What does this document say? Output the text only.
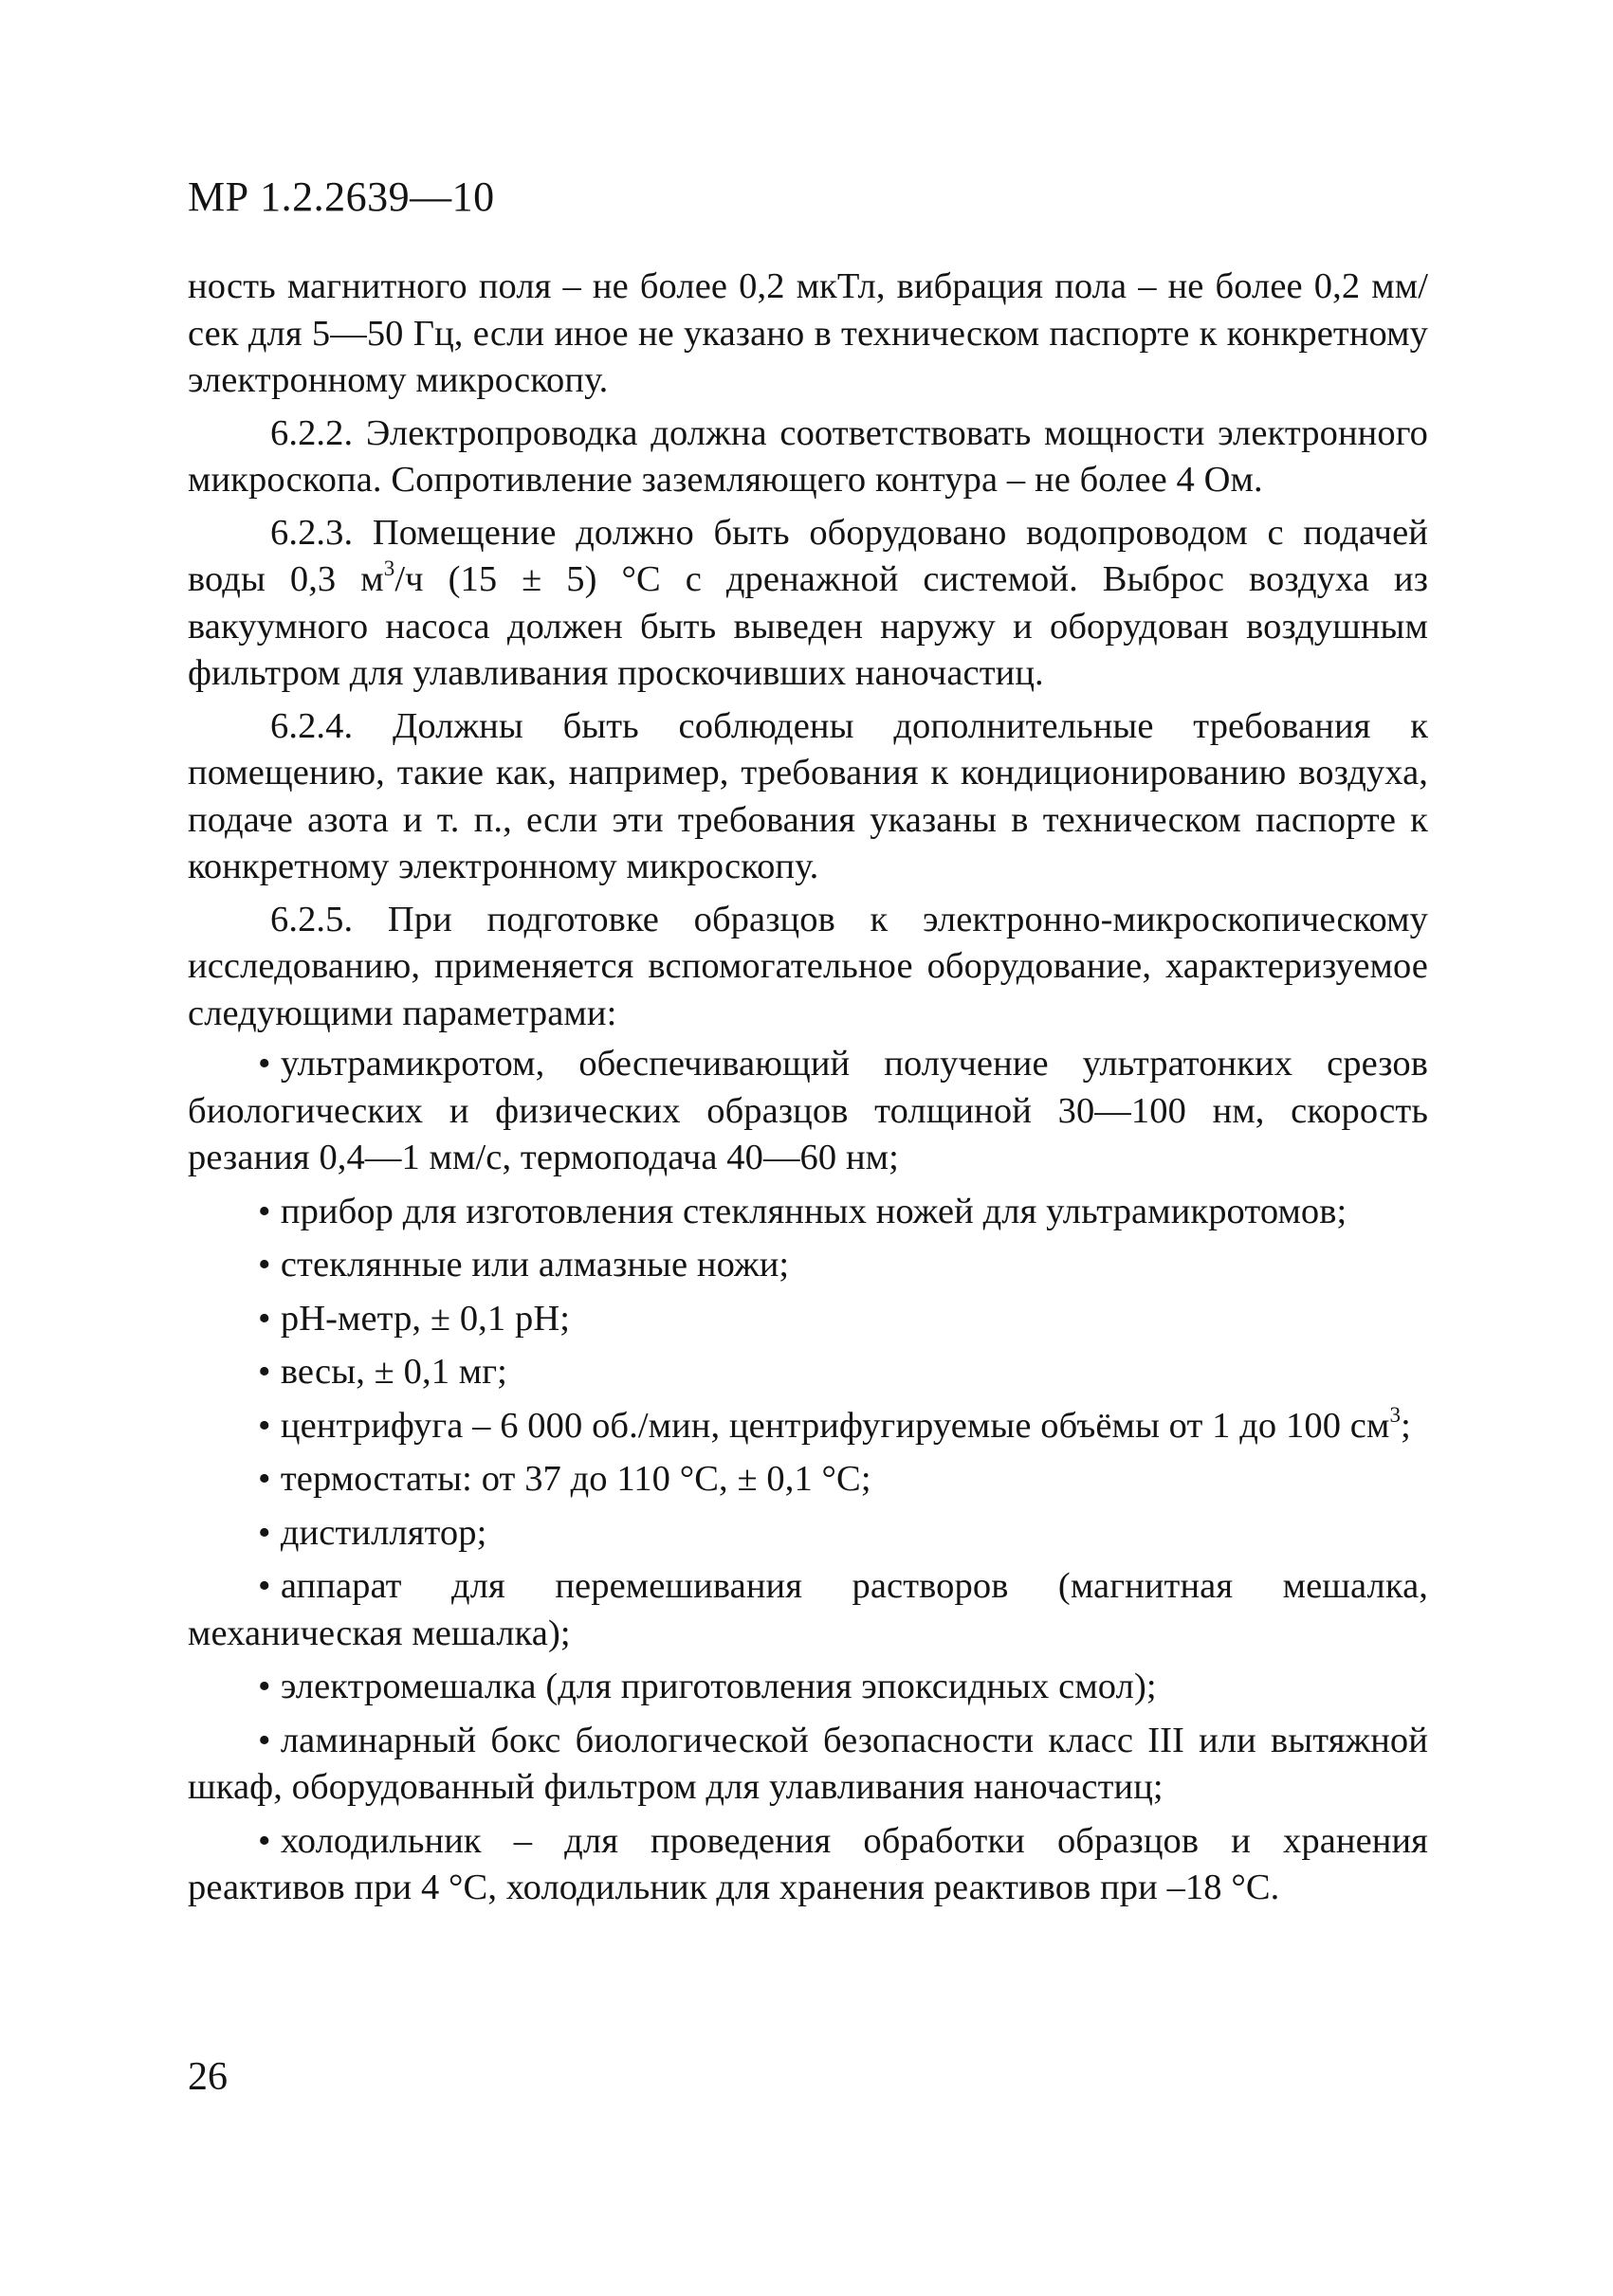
МР 1.2.2639—10

ность магнитного поля – не более 0,2 мкТл, вибрация пола – не более 0,2 мм/сек для 5—50 Гц, если иное не указано в техническом паспорте к конкретному электронному микроскопу.

6.2.2. Электропроводка должна соответствовать мощности электронного микроскопа. Сопротивление заземляющего контура – не более 4 Ом.

6.2.3. Помещение должно быть оборудовано водопроводом с подачей воды 0,3 $м^3/ч$ (15 ± 5) °С с дренажной системой. Выброс воздуха из вакуумного насоса должен быть выведен наружу и оборудован воздушным фильтром для улавливания проскочивших наночастиц.

6.2.4. Должны быть соблюдены дополнительные требования к помещению, такие как, например, требования к кондиционированию воздуха, подаче азота и т. п., если эти требования указаны в техническом паспорте к конкретному электронному микроскопу.

6.2.5. При подготовке образцов к электронно-микроскопическому исследованию, применяется вспомогательное оборудование, характеризуемое следующими параметрами:

• ультрамикротом, обеспечивающий получение ультратонких срезов биологических и физических образцов толщиной 30—100 нм, скорость резания 0,4—1 мм/с, термоподача 40—60 нм;
• прибор для изготовления стеклянных ножей для ультрамикротомов;
• стеклянные или алмазные ножи;
• pH-метр, ± 0,1 pH;
• весы, ± 0,1 мг;
• центрифуга – 6 000 об./мин, центрифугируемые объёмы от 1 до 100 $см^3$;
• термостаты: от 37 до 110 °С, ± 0,1 °С;
• дистиллятор;
• аппарат для перемешивания растворов (магнитная мешалка, механическая мешалка);
• электромешалка (для приготовления эпоксидных смол);
• ламинарный бокс биологической безопасности класс III или вытяжной шкаф, оборудованный фильтром для улавливания наночастиц;
• холодильник – для проведения обработки образцов и хранения реактивов при 4 °С, холодильник для хранения реактивов при –18 °С.
26
